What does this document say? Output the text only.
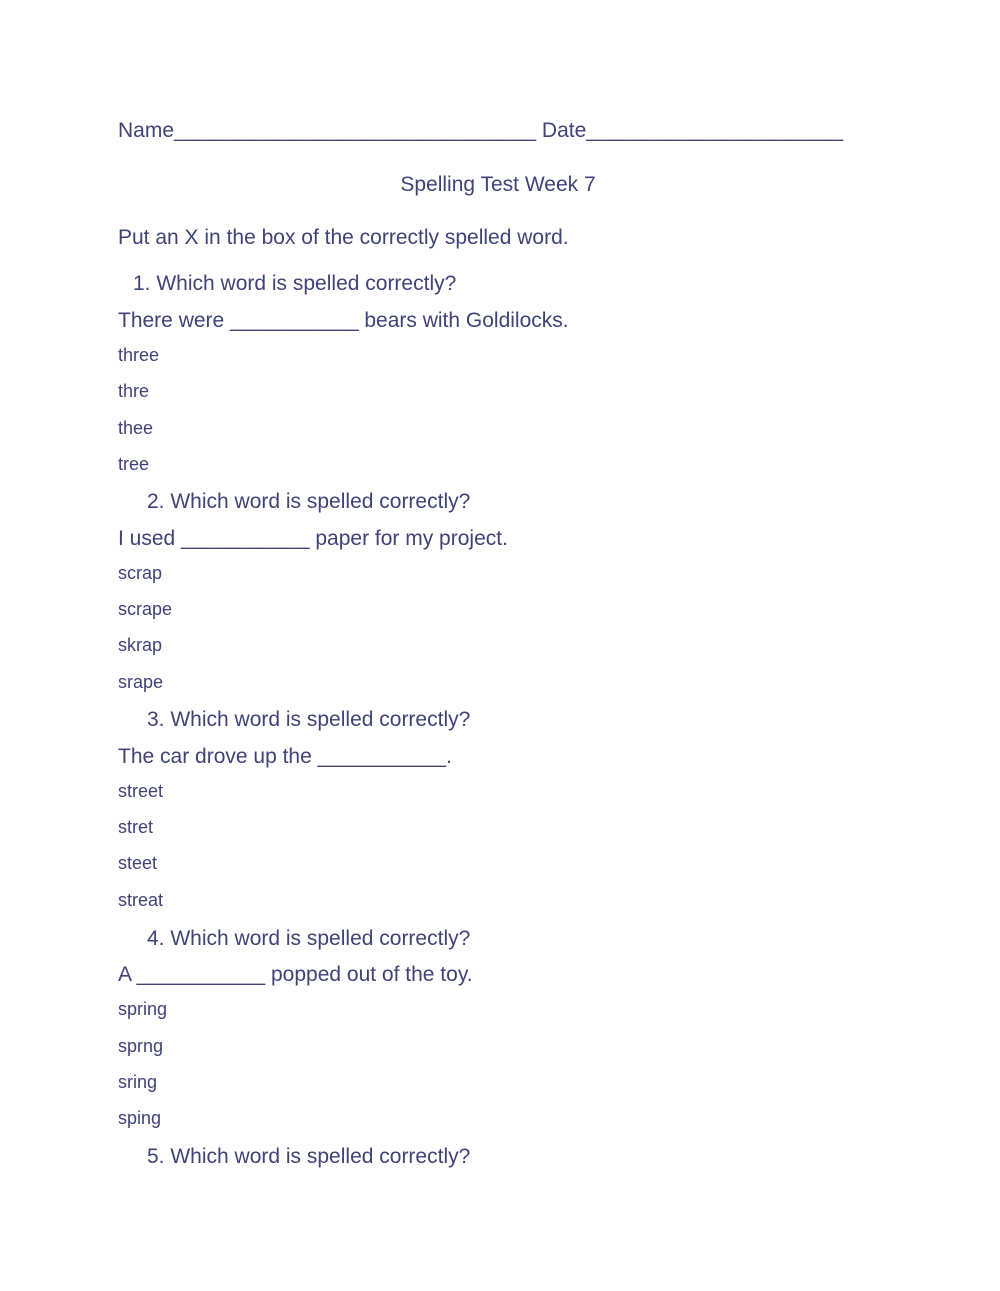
Name_______________________________ Date______________________
Spelling Test Week 7
Put an X in the box of the correctly spelled word.
1. Which word is spelled correctly?
There were ___________ bears with Goldilocks.
three
thre
thee
tree
2. Which word is spelled correctly?
I used ___________ paper for my project.
scrap
scrape
skrap
srape
3. Which word is spelled correctly?
The car drove up the ___________.
street
stret
steet
streat
4. Which word is spelled correctly?
A ___________ popped out of the toy.
spring
sprng
sring
sping
5. Which word is spelled correctly?
